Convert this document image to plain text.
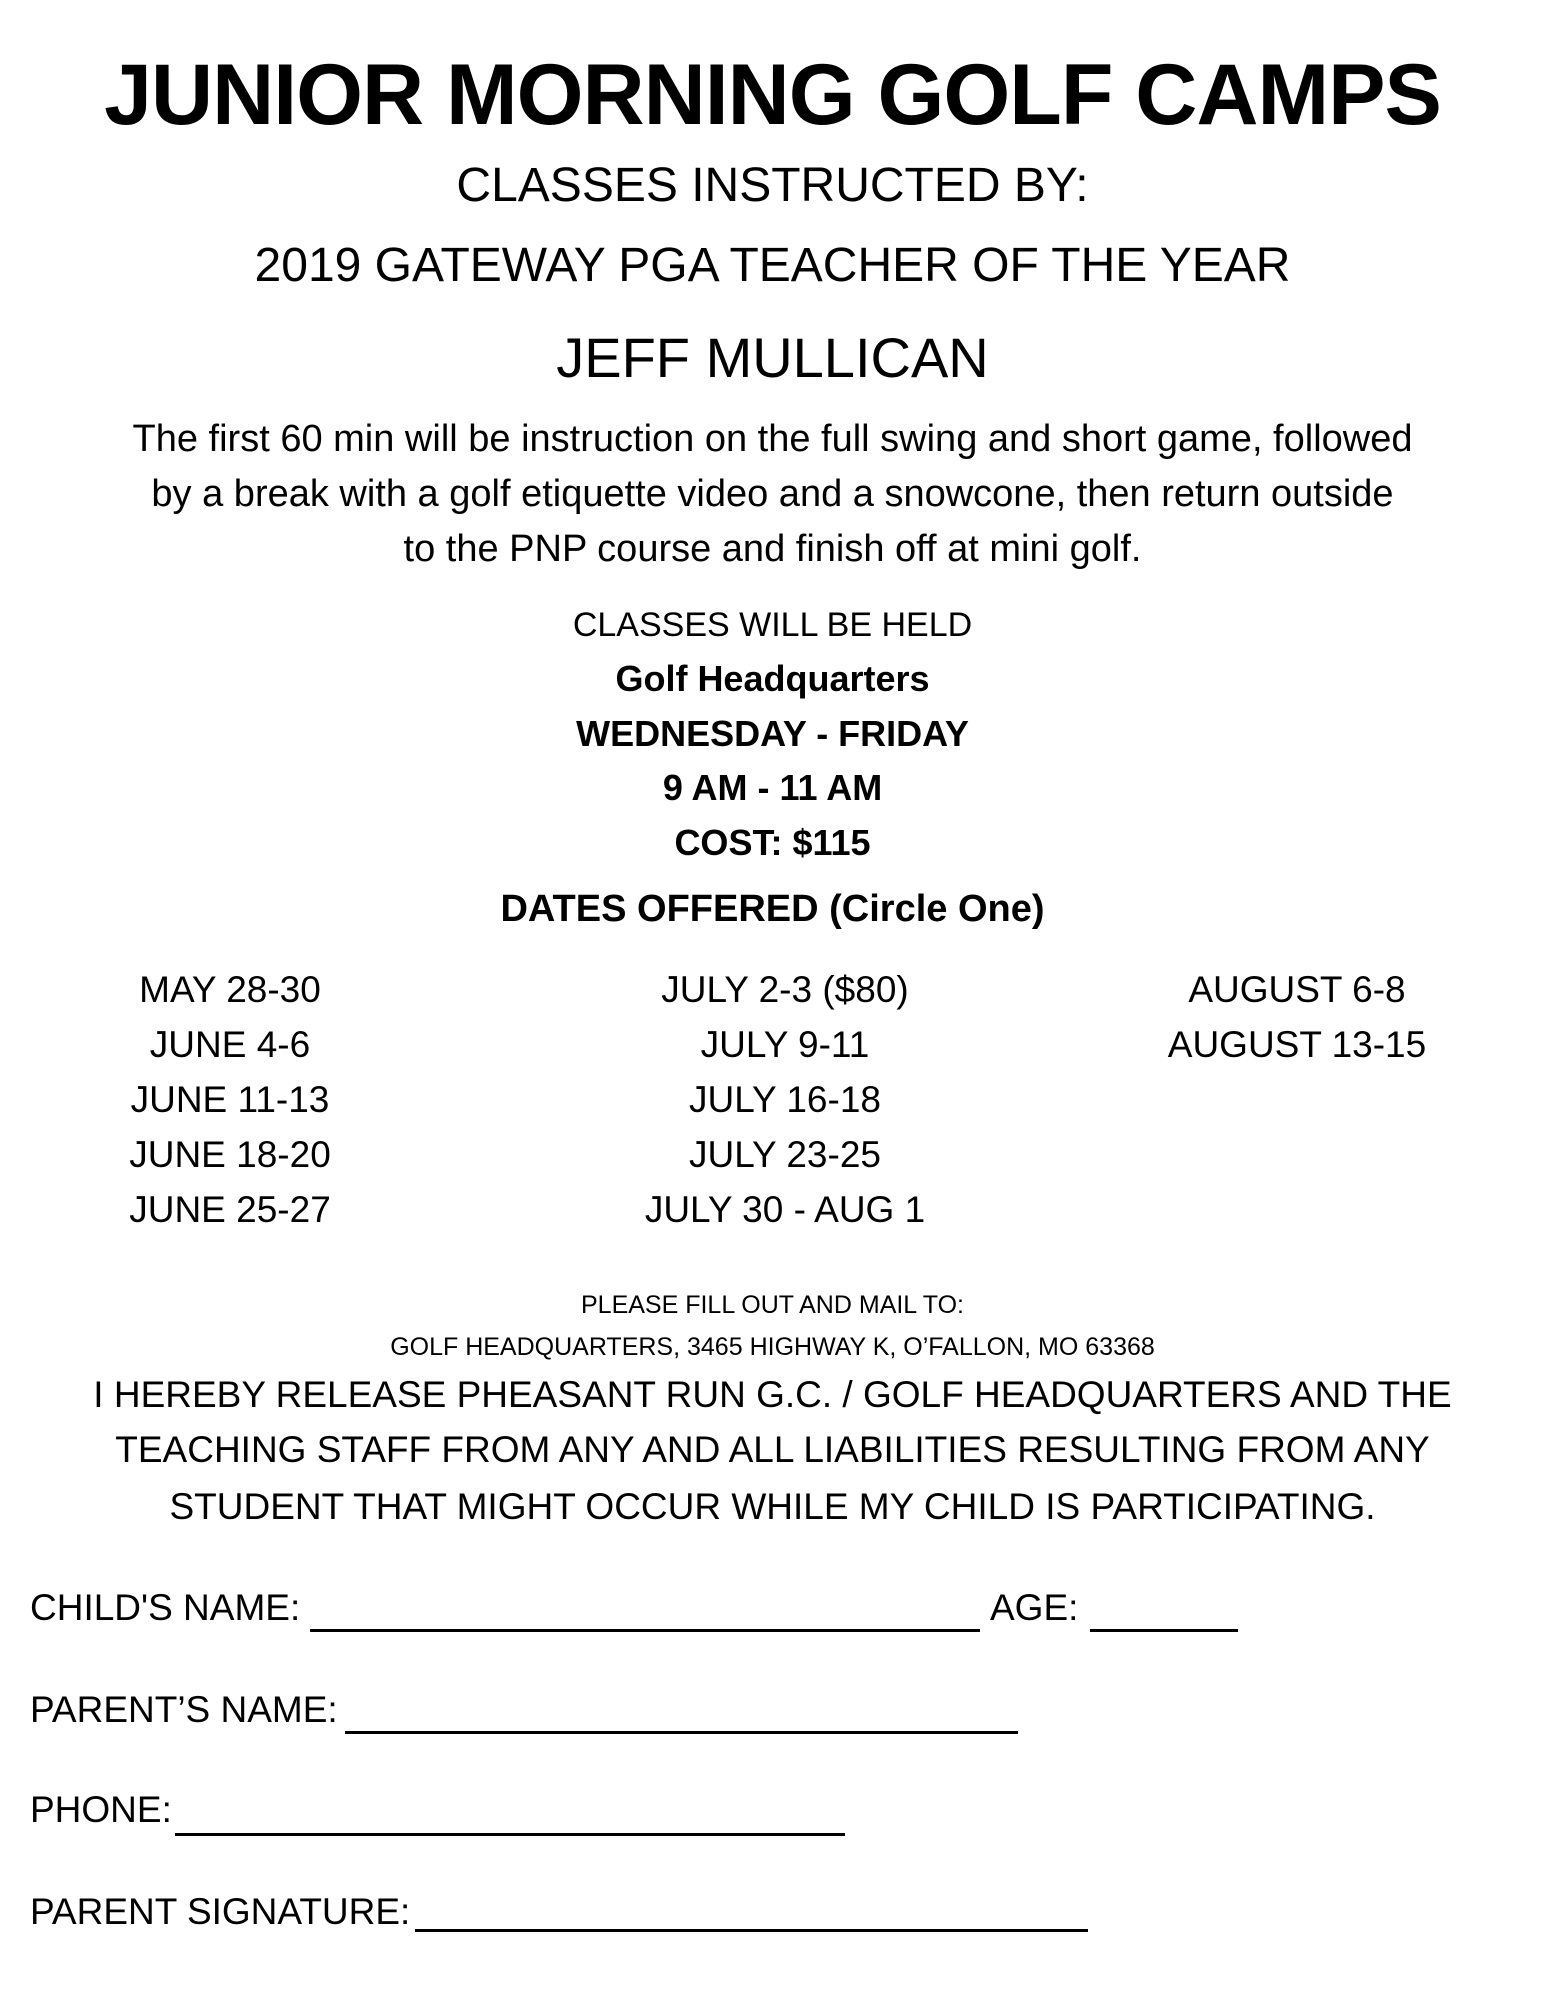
JUNIOR MORNING GOLF CAMPS
CLASSES INSTRUCTED BY:
2019 GATEWAY PGA TEACHER OF THE YEAR
JEFF MULLICAN
The first 60 min will be instruction on the full swing and short game, followed
by a break with a golf etiquette video and a snowcone, then return outside
to the PNP course and finish off at mini golf.
CLASSES WILL BE HELD
Golf Headquarters
WEDNESDAY - FRIDAY
9 AM - 11 AM
COST: $115
DATES OFFERED (Circle One)
MAY 28-30
JUNE 4-6
JUNE 11-13
JUNE 18-20
JUNE 25-27
JULY 2-3 ($80)
JULY 9-11
JULY 16-18
JULY 23-25
JULY 30 - AUG 1
AUGUST 6-8
AUGUST 13-15
PLEASE FILL OUT AND MAIL TO:
GOLF HEADQUARTERS, 3465 HIGHWAY K, O’FALLON, MO 63368
I HEREBY RELEASE PHEASANT RUN G.C. / GOLF HEADQUARTERS AND THE
TEACHING STAFF FROM ANY AND ALL LIABILITIES RESULTING FROM ANY
STUDENT THAT MIGHT OCCUR WHILE MY CHILD IS PARTICIPATING.
CHILD'S NAME:	AGE:
PARENT’S NAME:
PHONE:
PARENT SIGNATURE:
